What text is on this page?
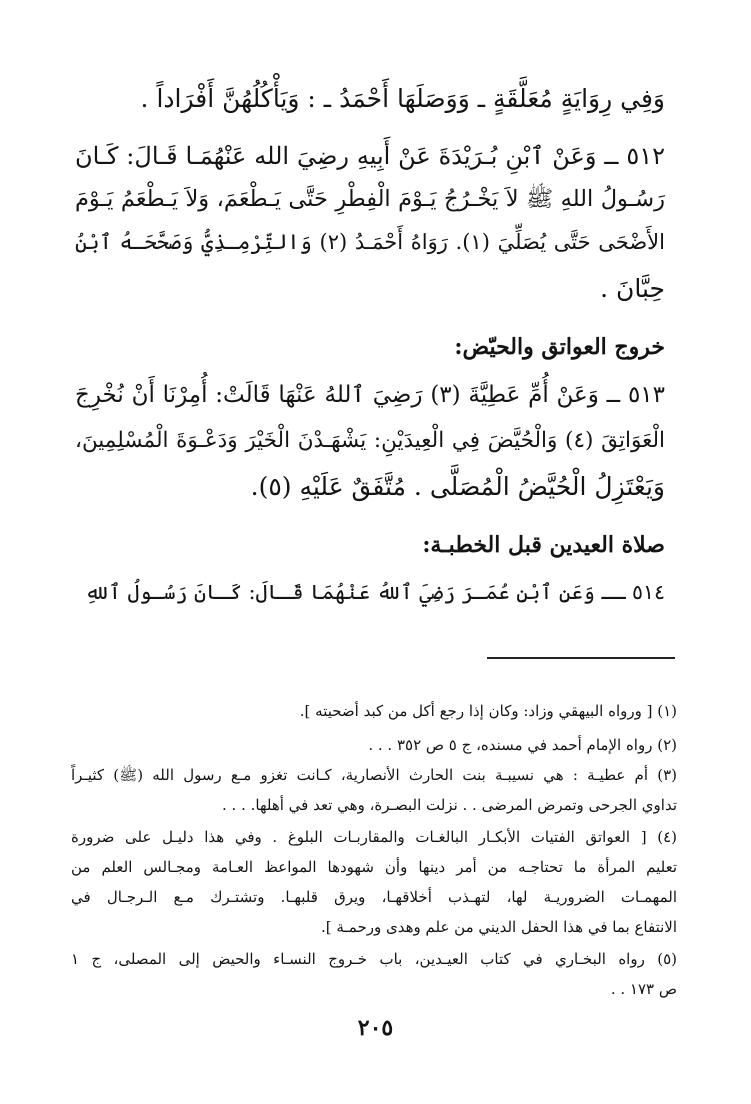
وَفِي رِوَايَةٍ مُعَلَّقَةٍ ـ وَوَصَلَهَا أَحْمَدُ ـ : وَيَأْكُلُهُنَّ أَفْرَاداً .
٥١٢ ــ وَعَنْ ٱبْنِ بُـرَيْدَةَ عَنْ أَبِيهِ رضِيَ الله عَنْهُمَـا قَـالَ: كَـانَ
رَسُـولُ اللهِ ﷺ لاَ يَخْـرُجُ يَـوْمَ الْفِطْرِ حَتَّى يَـطْعَمَ، وَلاَ يَـطْعَمُ يَـوْمَ
الأَضْحَى حَتَّى يُصَلِّيَ (١). رَوَاهُ أَحْمَـدُ (٢) وَالتِّرْمِـذِيُّ وَصَحَّحَـهُ ٱبْنُ
حِبَّانَ .
خروج العواتق والحيّض:
٥١٣ ــ وَعَنْ أُمِّ عَطِيَّةَ (٣) رَضِيَ ٱللهُ عَنْهَا قَالَتْ: أُمِرْنَا أَنْ نُخْرِجَ
الْعَوَاتِقَ (٤) وَالْحُيَّضَ فِي الْعِيدَيْنِ: يَشْهَـدْنَ الْخَيْرَ وَدَعْـوَةَ الْمُسْلِمِينَ،
وَيَعْتَزِلُ الْحُيَّضُ الْمُصَلَّى . مُتَّفَقٌ عَلَيْهِ (٥).
صلاة العيدين قبل الخطبـة:
٥١٤ ــ وَعَنِ ٱبْنِ عُمَـرَ رَضِيَ ٱللهُ عَنْهُمَا قَـالَ: كَـانَ رَسُـولُ ٱللهِ
(١) [ ورواه البيهقي وزاد: وكان إذا رجع أكل من كبد أضحيته ].
(٢) رواه الإمام أحمد في مسنده، ج ٥ ص ٣٥٢ . . .
(٣) أم عطيـة : هي نسيبـة بنت الحارث الأنصارية، كـانت تغزو مـع رسول الله (ﷺ) كثيـراً
تداوي الجرحى وتمرض المرضى . . نزلت البصـرة، وهي تعد في أهلها. . . .
(٤) [ العواتق الفتيات الأبكـار البالغـات والمقاربـات البلوغ . وفي هذا دليـل على ضرورة
تعليم المرأة ما تحتاجـه من أمر دينها وأن شهودها المواعظ العـامة ومجـالس العلم من
المهمـات الضروريـة لها، لتهـذب أخلاقهـا، ويرق قلبهـا. وتشتـرك مـع الـرجـال في
الانتفاع بما في هذا الحفل الديني من علم وهدى ورحمـة ].
(٥) رواه البخـاري في كتاب العيـدين، باب خـروج النسـاء والحيض إلى المصلى، ج ١
ص ١٧٣ . .
٢٠٥
